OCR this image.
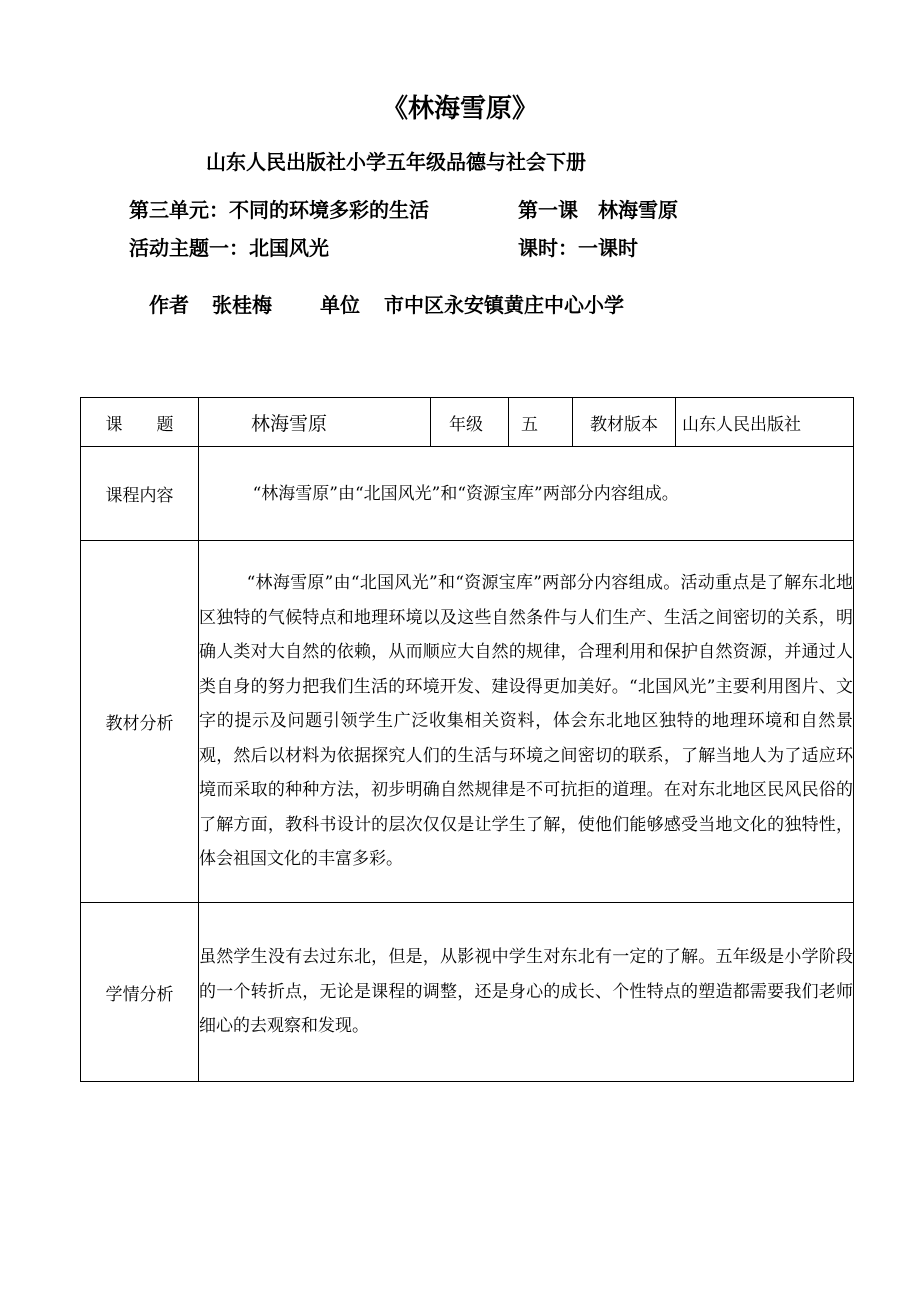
《林海雪原》
山东人民出版社小学五年级品德与社会下册
第三单元：不同的环境多彩的生活	第一课　林海雪原
活动主题一：北国风光	课时：一课时
作者 张桂梅 单位 市中区永安镇黄庄中心小学
课　　题	林海雪原	年级	五	教材版本	山东人民出版社
课程内容	“林海雪原”由“北国风光”和“资源宝库”两部分内容组成。				
教材分析	“林海雪原”由“北国风光”和“资源宝库”两部分内容组成。活动重点是了解东北地区独特的气候特点和地理环境以及这些自然条件与人们生产、生活之间密切的关系，明确人类对大自然的依赖，从而顺应大自然的规律，合理利用和保护自然资源，并通过人类自身的努力把我们生活的环境开发、建设得更加美好。“北国风光”主要利用图片、文字的提示及问题引领学生广泛收集相关资料，体会东北地区独特的地理环境和自然景观，然后以材料为依据探究人们的生活与环境之间密切的联系，了解当地人为了适应环境而采取的种种方法，初步明确自然规律是不可抗拒的道理。在对东北地区民风民俗的了解方面，教科书设计的层次仅仅是让学生了解，使他们能够感受当地文化的独特性，体会祖国文化的丰富多彩。				
学情分析	虽然学生没有去过东北，但是，从影视中学生对东北有一定的了解。五年级是小学阶段的一个转折点，无论是课程的调整，还是身心的成长、个性特点的塑造都需要我们老师细心的去观察和发现。				
